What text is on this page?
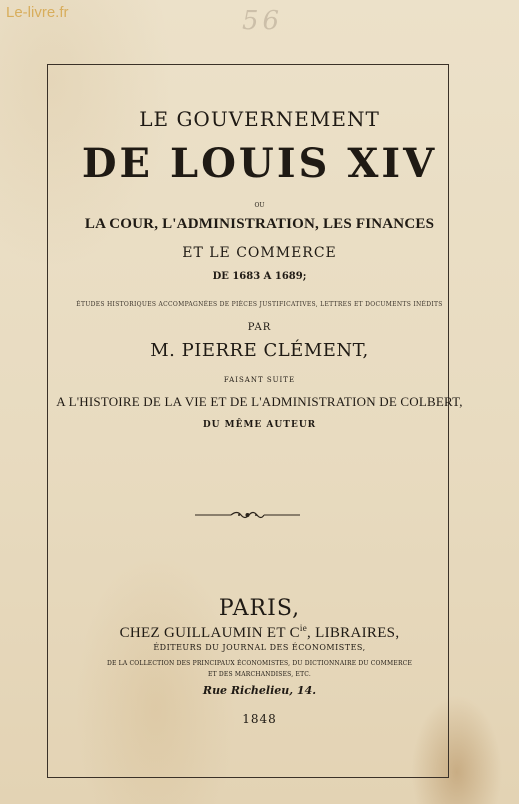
Le-livre.fr	56
LE GOUVERNEMENT
DE LOUIS XIV
ou
LA COUR, L'ADMINISTRATION, LES FINANCES
ET LE COMMERCE
DE 1683 A 1689;
ÉTUDES HISTORIQUES ACCOMPAGNÉES DE PIÈCES JUSTIFICATIVES, LETTRES ET DOCUMENTS INÉDITS
PAR
M. PIERRE CLÉMENT,
FAISANT SUITE
A L'HISTOIRE DE LA VIE ET DE L'ADMINISTRATION DE COLBERT,
DU MÊME AUTEUR
PARIS,
CHEZ GUILLAUMIN ET $C^{ie}$, LIBRAIRES,
ÉDITEURS DU JOURNAL DES ÉCONOMISTES,
DE LA COLLECTION DES PRINCIPAUX ÉCONOMISTES, DU DICTIONNAIRE DU COMMERCE
ET DES MARCHANDISES, ETC.
Rue Richelieu, 14.
1848
